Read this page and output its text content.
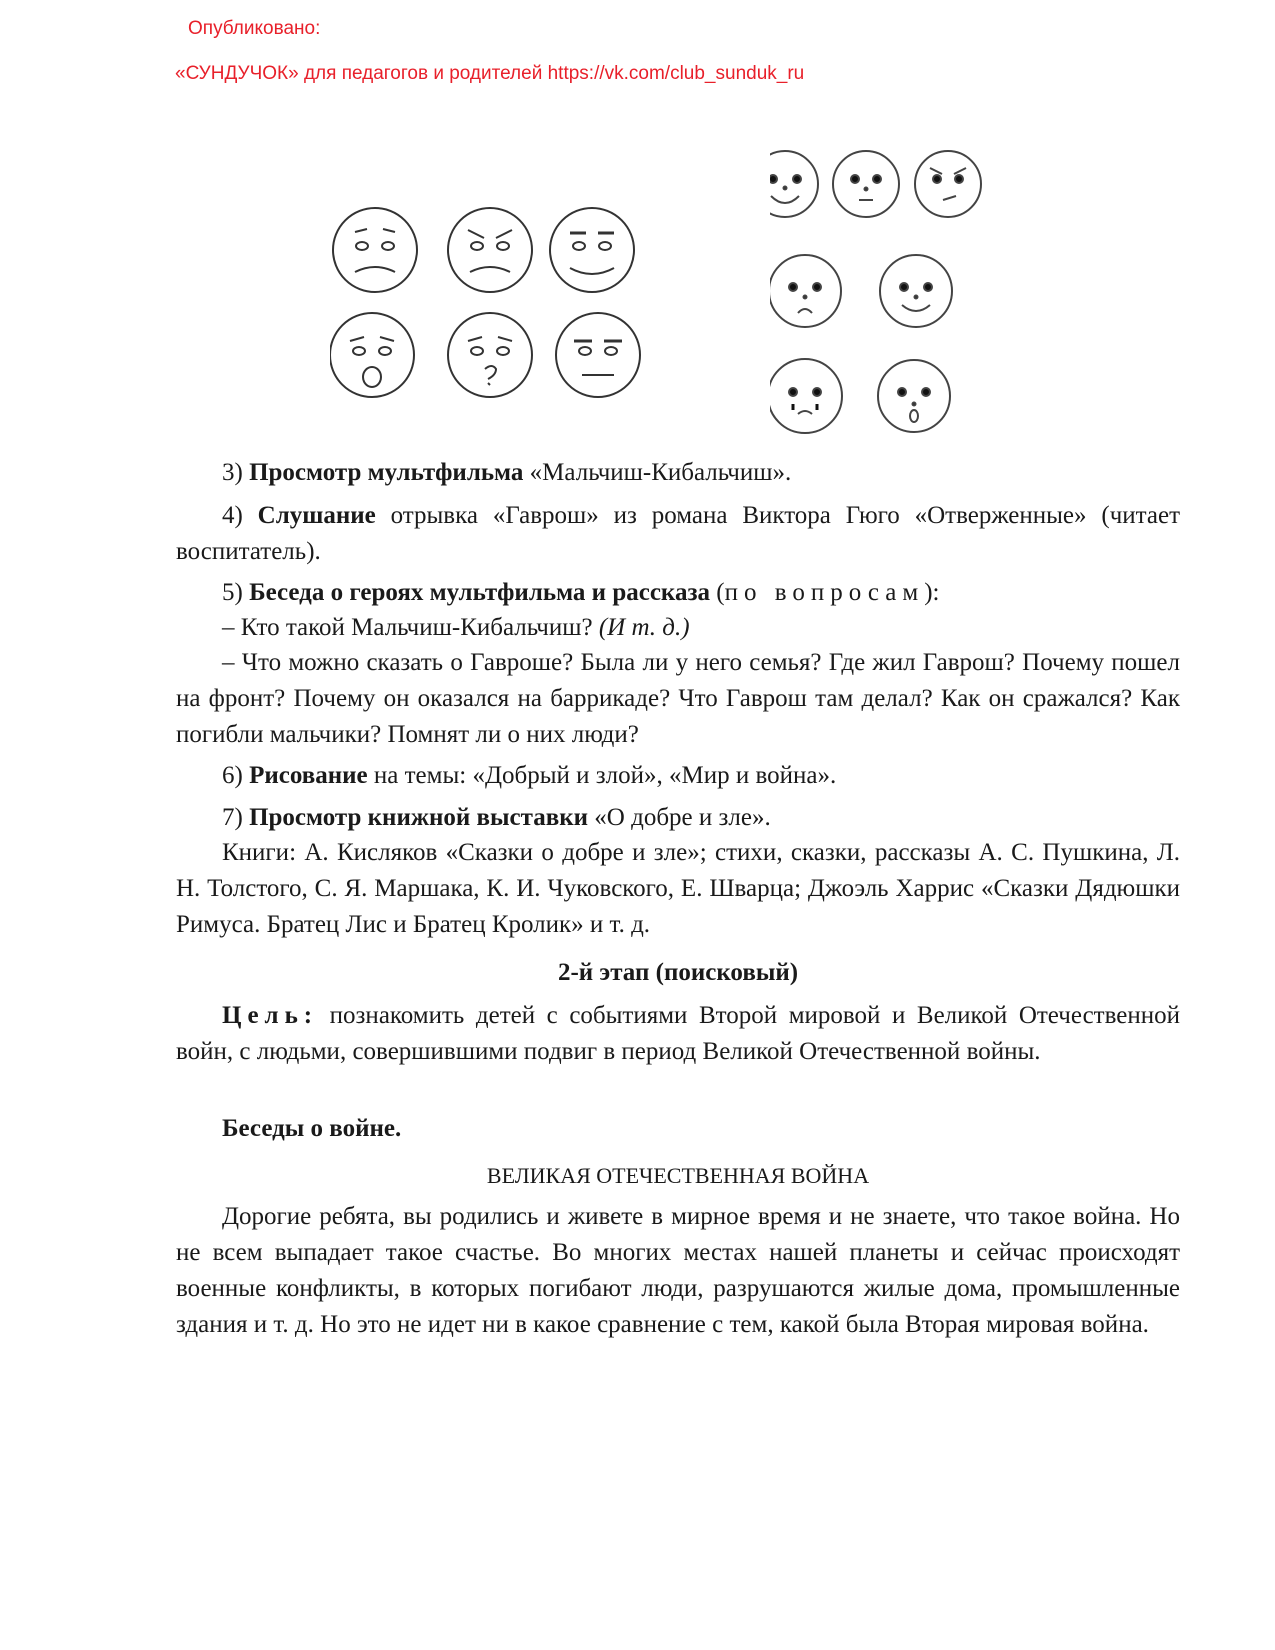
Опубликовано:
«СУНДУЧОК» для педагогов и родителей https://vk.com/club_sunduk_ru
3) Просмотр мультфильма «Мальчиш-Кибальчиш».
4) Слушание отрывка «Гаврош» из романа Виктора Гюго «Отверженные» (читает воспитатель).
5) Беседа о героях мультфильма и рассказа (по вопросам):
– Кто такой Мальчиш-Кибальчиш? (И т. д.)
– Что можно сказать о Гавроше? Была ли у него семья? Где жил Гаврош? Почему пошел на фронт? Почему он оказался на баррикаде? Что Гаврош там делал? Как он сражался? Как погибли мальчики? Помнят ли о них люди?
6) Рисование на темы: «Добрый и злой», «Мир и война».
7) Просмотр книжной выставки «О добре и зле».
Книги: А. Кисляков «Сказки о добре и зле»; стихи, сказки, рассказы А. С. Пушкина, Л. Н. Толстого, С. Я. Маршака, К. И. Чуковского, Е. Шварца; Джоэль Харрис «Сказки Дядюшки Римуса. Братец Лис и Братец Кролик» и т. д.
2-й этап (поисковый)
Цель: познакомить детей с событиями Второй мировой и Великой Отечественной войн, с людьми, совершившими подвиг в период Великой Отечественной войны.
Беседы о войне.
ВЕЛИКАЯ ОТЕЧЕСТВЕННАЯ ВОЙНА
Дорогие ребята, вы родились и живете в мирное время и не знаете, что такое война. Но не всем выпадает такое счастье. Во многих местах нашей планеты и сейчас происходят военные конфликты, в которых погибают люди, разрушаются жилые дома, промышленные здания и т. д. Но это не идет ни в какое сравнение с тем, какой была Вторая мировая война.
